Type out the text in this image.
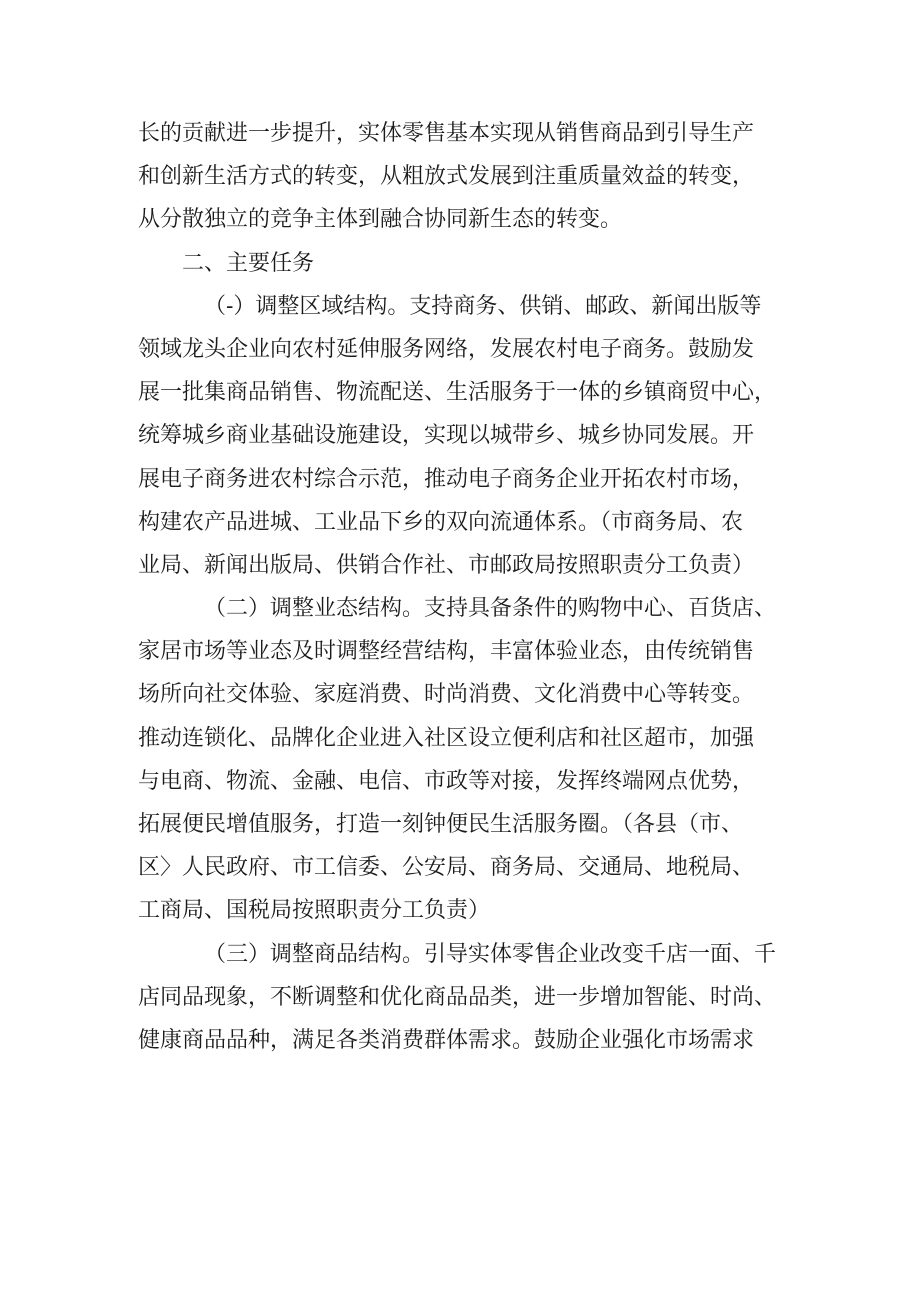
长的贡献进一步提升，实体零售基本实现从销售商品到引导生产

和创新生活方式的转变，从粗放式发展到注重质量效益的转变，

从分散独立的竞争主体到融合协同新生态的转变。

二、主要任务

（-）调整区域结构。支持商务、供销、邮政、新闻出版等

领域龙头企业向农村延伸服务网络，发展农村电子商务。鼓励发

展一批集商品销售、物流配送、生活服务于一体的乡镇商贸中心，

统筹城乡商业基础设施建设，实现以城带乡、城乡协同发展。开

展电子商务进农村综合示范，推动电子商务企业开拓农村市场，

构建农产品进城、工业品下乡的双向流通体系。（市商务局、农

业局、新闻出版局、供销合作社、市邮政局按照职责分工负责）

（二）调整业态结构。支持具备条件的购物中心、百货店、

家居市场等业态及时调整经营结构，丰富体验业态，由传统销售

场所向社交体验、家庭消费、时尚消费、文化消费中心等转变。

推动连锁化、品牌化企业进入社区设立便利店和社区超市，加强

与电商、物流、金融、电信、市政等对接，发挥终端网点优势，

拓展便民增值服务，打造一刻钟便民生活服务圈。（各县（市、

区〉人民政府、市工信委、公安局、商务局、交通局、地税局、

工商局、国税局按照职责分工负责）

（三）调整商品结构。引导实体零售企业改变千店一面、千

店同品现象，不断调整和优化商品品类，进一步增加智能、时尚、

健康商品品种，满足各类消费群体需求。鼓励企业强化市场需求
